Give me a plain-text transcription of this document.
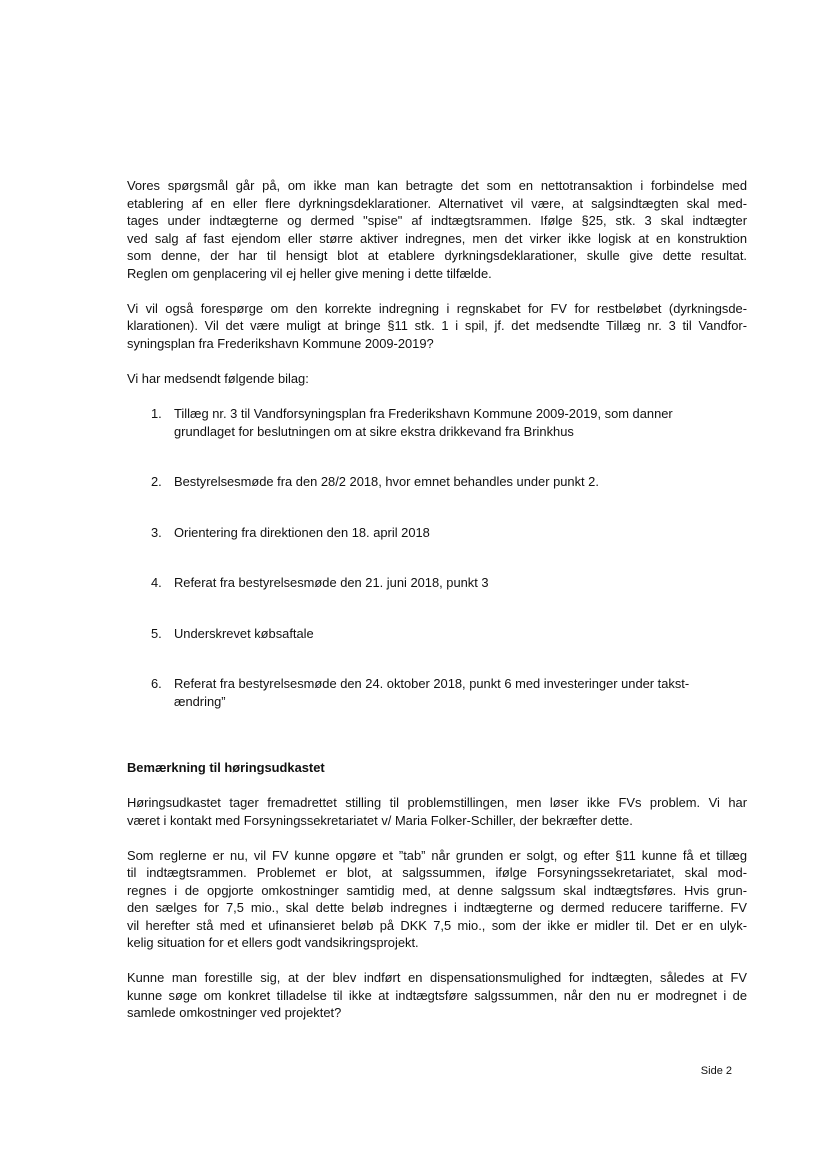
Vores spørgsmål går på, om ikke man kan betragte det som en nettotransaktion i forbindelse med
etablering af en eller flere dyrkningsdeklarationer. Alternativet vil være, at salgsindtægten skal med-
tages under indtægterne og dermed "spise" af indtægtsrammen. Ifølge §25, stk. 3 skal indtægter
ved salg af fast ejendom eller større aktiver indregnes, men det virker ikke logisk at en konstruktion
som denne, der har til hensigt blot at etablere dyrkningsdeklarationer, skulle give dette resultat.
Reglen om genplacering vil ej heller give mening i dette tilfælde.

Vi vil også forespørge om den korrekte indregning i regnskabet for FV for restbeløbet (dyrkningsde-
klarationen). Vil det være muligt at bringe §11 stk. 1 i spil, jf. det medsendte Tillæg nr. 3 til Vandfor-
syningsplan fra Frederikshavn Kommune 2009-2019?

Vi har medsendt følgende bilag:

1. Tillæg nr. 3 til Vandforsyningsplan fra Frederikshavn Kommune 2009-2019, som danner
grundlaget for beslutningen om at sikre ekstra drikkevand fra Brinkhus
2. Bestyrelsesmøde fra den 28/2 2018, hvor emnet behandles under punkt 2.
3. Orientering fra direktionen den 18. april 2018
4. Referat fra bestyrelsesmøde den 21. juni 2018, punkt 3
5. Underskrevet købsaftale
6. Referat fra bestyrelsesmøde den 24. oktober 2018, punkt 6 med investeringer under takst-
ændring”

Bemærkning til høringsudkastet

Høringsudkastet tager fremadrettet stilling til problemstillingen, men løser ikke FVs problem. Vi har
været i kontakt med Forsyningssekretariatet v/ Maria Folker-Schiller, der bekræfter dette.

Som reglerne er nu, vil FV kunne opgøre et ”tab” når grunden er solgt, og efter §11 kunne få et tillæg
til indtægtsrammen. Problemet er blot, at salgssummen, ifølge Forsyningssekretariatet, skal mod-
regnes i de opgjorte omkostninger samtidig med, at denne salgssum skal indtægtsføres. Hvis grun-
den sælges for 7,5 mio., skal dette beløb indregnes i indtægterne og dermed reducere tarifferne. FV
vil herefter stå med et ufinansieret beløb på DKK 7,5 mio., som der ikke er midler til. Det er en ulyk-
kelig situation for et ellers godt vandsikringsprojekt.

Kunne man forestille sig, at der blev indført en dispensationsmulighed for indtægten, således at FV
kunne søge om konkret tilladelse til ikke at indtægtsføre salgssummen, når den nu er modregnet i de
samlede omkostninger ved projektet?

Side 2
